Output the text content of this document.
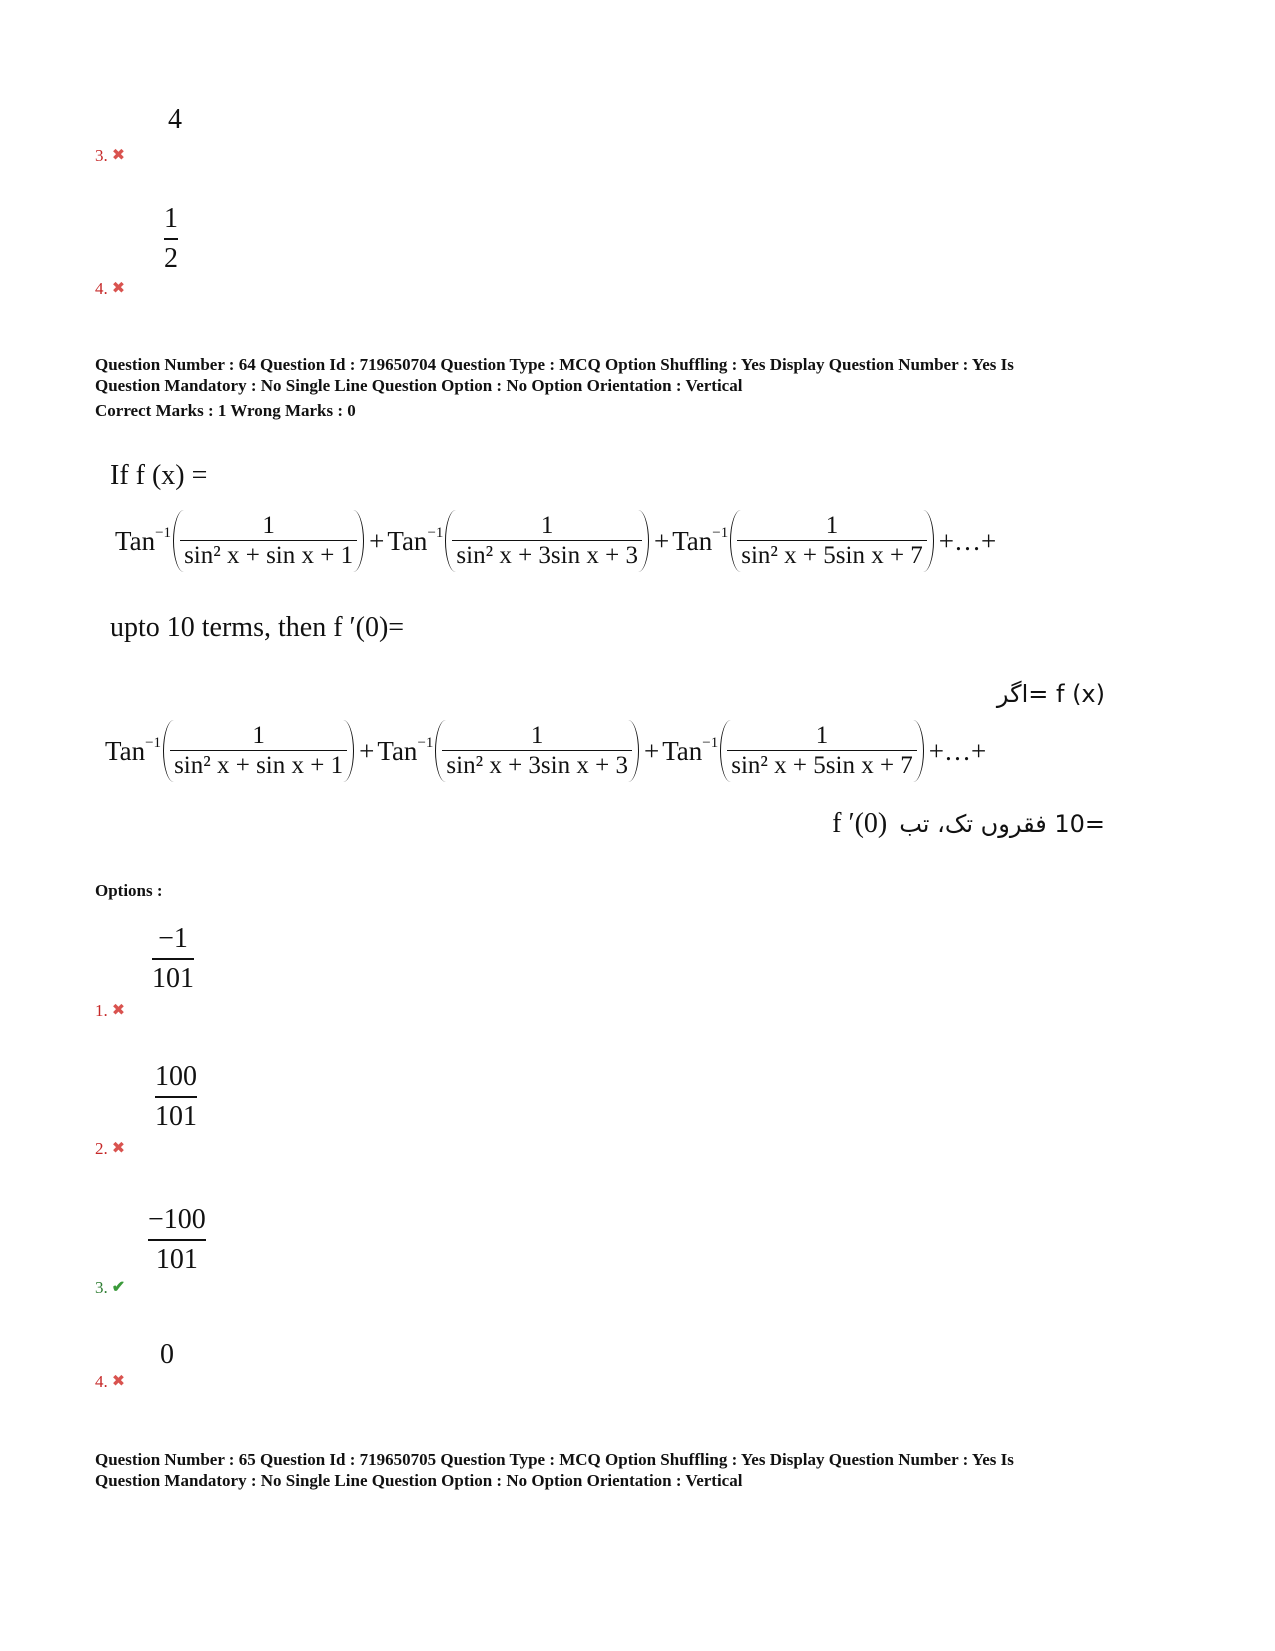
4
3. ✖
1
2
4. ✖
Question Number : 64 Question Id : 719650704 Question Type : MCQ Option Shuffling : Yes Display Question Number : Yes Is
Question Mandatory : No Single Line Question Option : No Option Orientation : Vertical
Correct Marks : 1 Wrong Marks : 0
If f (x) =
$Tan^{-1} \frac{1}{\text{sin² x + sin x + 1}} + Tan^{-1} \frac{1}{\text{sin² x + 3sin x + 3}} + Tan^{-1} \frac{1}{\text{sin² x + 5sin x + 7}}$ +…+
upto 10 terms, then f ′(0)=
f (x) =اگر
$Tan^{-1} \frac{1}{\text{sin² x + sin x + 1}} + Tan^{-1} \frac{1}{\text{sin² x + 3sin x + 3}} + Tan^{-1} \frac{1}{\text{sin² x + 5sin x + 7}}$ +…+
f ′(0) =10 فقروں تک، تب
Options :
−1
101
1. ✖
100
101
2. ✖
−100
101
3. ✔
0
4. ✖
Question Number : 65 Question Id : 719650705 Question Type : MCQ Option Shuffling : Yes Display Question Number : Yes Is
Question Mandatory : No Single Line Question Option : No Option Orientation : Vertical
